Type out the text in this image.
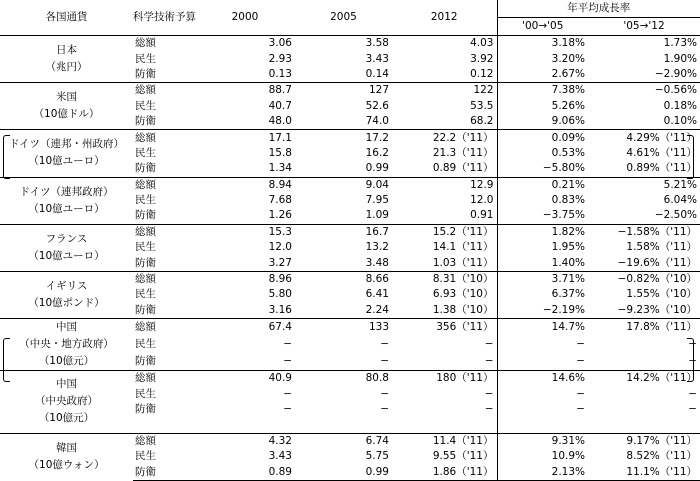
各国通貨	科学技術予算	2000	2005	2012	年平均成長率	
					'00→'05	'05→'12

日本
（兆円）	総額	3.06	3.58	4.03	3.18%	1.73%
	民生	2.93	3.43	3.92	3.20%	1.90%
	防衛	0.13	0.14	0.12	2.67%	−2.90%

米国
（10億ドル）	総額	88.7	127	122	7.38%	−0.56%
	民生	40.7	52.6	53.5	5.26%	0.18%
	防衛	48.0	74.0	68.2	9.06%	0.10%

ドイツ（連邦・州政府）
（10億ユーロ）	総額	17.1	17.2	22.2（'11）	0.09%	4.29%（'11）
	民生	15.8	16.2	21.3（'11）	0.53%	4.61%（'11）
	防衛	1.34	0.99	0.89（'11）	−5.80%	0.89%（'11）

ドイツ（連邦政府）
（10億ユーロ）	総額	8.94	9.04	12.9	0.21%	5.21%
	民生	7.68	7.95	12.0	0.83%	6.04%
	防衛	1.26	1.09	0.91	−3.75%	−2.50%

フランス
（10億ユーロ）	総額	15.3	16.7	15.2（'11）	1.82%	−1.58%（'11）
	民生	12.0	13.2	14.1（'11）	1.95%	1.58%（'11）
	防衛	3.27	3.48	1.03（'11）	1.40%	−19.6%（'11）

イギリス
（10億ポンド）	総額	8.96	8.66	8.31（'10）	3.71%	−0.82%（'10）
	民生	5.80	6.41	6.93（'10）	6.37%	1.55%（'10）
	防衛	3.16	2.24	1.38（'10）	−2.19%	−9.23%（'10）

中国
（中央・地方政府）
（10億元）	総額	67.4	133	356（'11）	14.7%	17.8%（'11）
	民生	−	−	−	−	−
	防衛	−	−	−	−	−

中国
（中央政府）
（10億元）	総額	40.9	80.8	180（'11）	14.6%	14.2%（'11）
	民生	−	−	−	−	−
	防衛	−	−	−	−	−

韓国
（10億ウォン）	総額	4.32	6.74	11.4（'11）	9.31%	9.17%（'11）
	民生	3.43	5.75	9.55（'11）	10.9%	8.52%（'11）
	防衛	0.89	0.99	1.86（'11）	2.13%	11.1%（'11）
